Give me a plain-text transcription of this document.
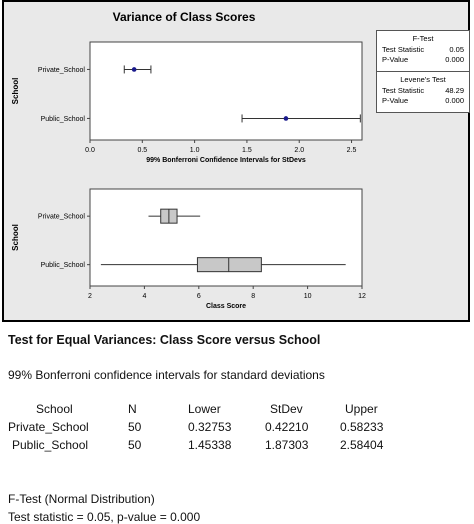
0.0	0.5	1.0	1.5	2.0	2.5
99% Bonferroni Confidence Intervals for StDevs
School
Private_School
Public_School
2	4	6	8	10	12
Class Score
School
Private_School
Public_School
Variance of Class Scores
F-Test
Test Statistic	0.05
P-Value	0.000
Levene's Test
Test Statistic	48.29
P-Value	0.000
Test for Equal Variances: Class Score versus School
99% Bonferroni confidence intervals for standard deviations
School	N	Lower	StDev	Upper
Private_School	50	0.32753	0.42210	0.58233
Public_School	50	1.45338	1.87303	2.58404
F-Test (Normal Distribution)
Test statistic = 0.05, p-value = 0.000
